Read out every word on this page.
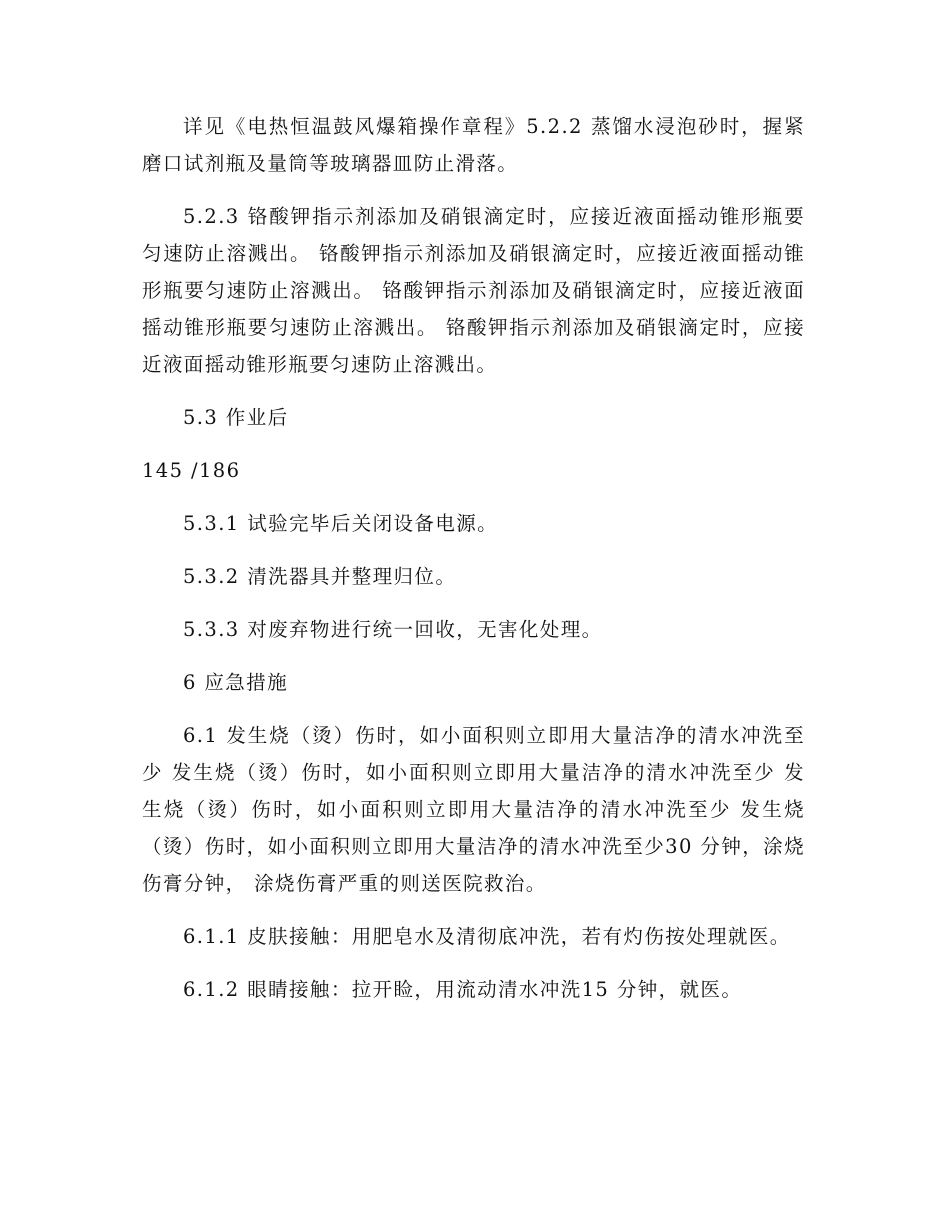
详见《电热恒温鼓风爆箱操作章程》5.2.2 蒸馏水浸泡砂时，握紧磨口试剂瓶及量筒等玻璃器皿防止滑落。

5.2.3 铬酸钾指示剂添加及硝银滴定时，应接近液面摇动锥形瓶要匀速防止溶溅出。 铬酸钾指示剂添加及硝银滴定时，应接近液面摇动锥形瓶要匀速防止溶溅出。 铬酸钾指示剂添加及硝银滴定时，应接近液面摇动锥形瓶要匀速防止溶溅出。 铬酸钾指示剂添加及硝银滴定时，应接近液面摇动锥形瓶要匀速防止溶溅出。

5.3 作业后

145 /186

5.3.1 试验完毕后关闭设备电源。

5.3.2 清洗器具并整理归位。

5.3.3 对废弃物进行统一回收，无害化处理。

6 应急措施

6.1 发生烧（烫）伤时，如小面积则立即用大量洁净的清水冲洗至少 发生烧（烫）伤时，如小面积则立即用大量洁净的清水冲洗至少 发生烧（烫）伤时，如小面积则立即用大量洁净的清水冲洗至少 发生烧（烫）伤时，如小面积则立即用大量洁净的清水冲洗至少30 分钟，涂烧伤膏分钟， 涂烧伤膏严重的则送医院救治。

6.1.1 皮肤接触：用肥皂水及清彻底冲洗，若有灼伤按处理就医。

6.1.2 眼睛接触：拉开睑，用流动清水冲洗15 分钟，就医。
